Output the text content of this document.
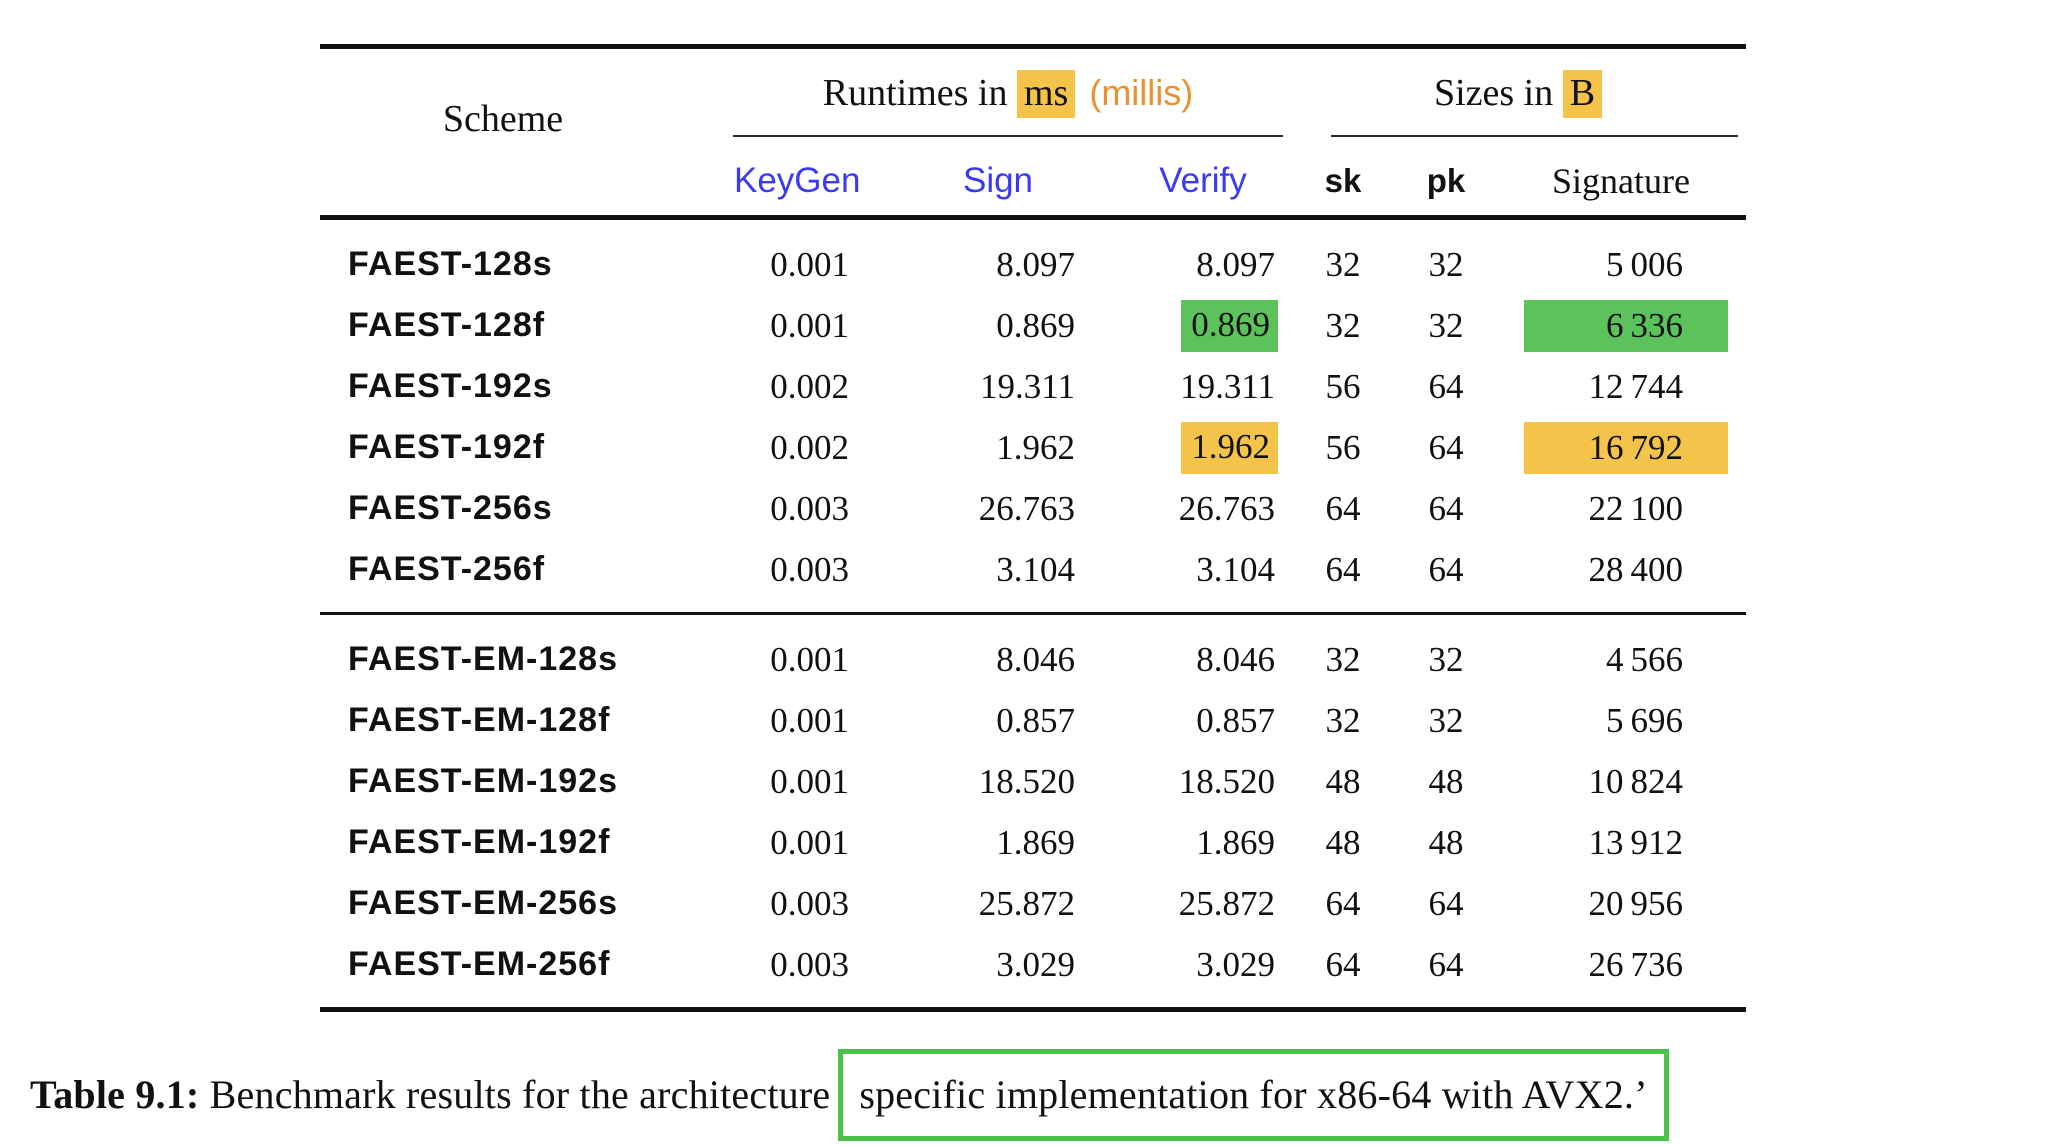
Scheme	Runtimes in ms (millis)			Sizes in B		
	KeyGen	Sign	Verify	sk	pk	Signature
FAEST-128s	0.001	8.097	8.097	32	32	5 006

FAEST-128f	0.001	0.869	0.869	32	32	6 336

FAEST-192s	0.002	19.311	19.311	56	64	12 744

FAEST-192f	0.002	1.962	1.962	56	64	16 792

FAEST-256s	0.003	26.763	26.763	64	64	22 100

FAEST-256f	0.003	3.104	3.104	64	64	28 400

FAEST-EM-128s	0.001	8.046	8.046	32	32	4 566

FAEST-EM-128f	0.001	0.857	0.857	32	32	5 696

FAEST-EM-192s	0.001	18.520	18.520	48	48	10 824

FAEST-EM-192f	0.001	1.869	1.869	48	48	13 912

FAEST-EM-256s	0.003	25.872	25.872	64	64	20 956

FAEST-EM-256f	0.003	3.029	3.029	64	64	26 736
Table 9.1: Benchmark results for the architecture specific implementation for x86-64 with AVX2.’
